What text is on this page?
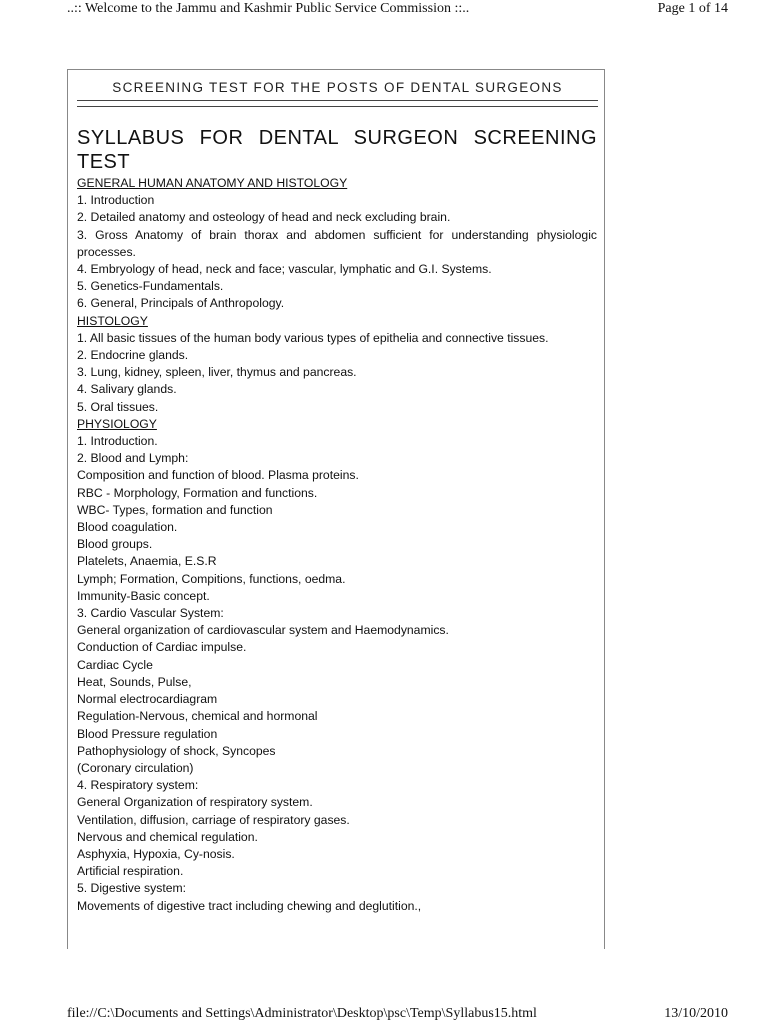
..:: Welcome to the Jammu and Kashmir Public Service Commission ::..	Page 1 of 14
SCREENING TEST FOR THE POSTS OF DENTAL SURGEONS
SYLLABUS FOR DENTAL SURGEON SCREENING TEST
GENERAL HUMAN ANATOMY AND HISTOLOGY
1. Introduction
2. Detailed anatomy and osteology of head and neck excluding brain.
3. Gross Anatomy of brain thorax and abdomen sufficient for understanding physiologic processes.
4. Embryology of head, neck and face; vascular, lymphatic and G.I. Systems.
5. Genetics-Fundamentals.
6. General, Principals of Anthropology.
HISTOLOGY
1. All basic tissues of the human body various types of epithelia and connective tissues.
2. Endocrine glands.
3. Lung, kidney, spleen, liver, thymus and pancreas.
4. Salivary glands.
5. Oral tissues.
PHYSIOLOGY
1. Introduction.
2. Blood and Lymph:
Composition and function of blood. Plasma proteins.
RBC - Morphology, Formation and functions.
WBC- Types, formation and function
Blood coagulation.
Blood groups.
Platelets, Anaemia, E.S.R
Lymph; Formation, Compitions, functions, oedma.
Immunity-Basic concept.
3. Cardio Vascular System:
General organization of cardiovascular system and Haemodynamics.
Conduction of Cardiac impulse.
Cardiac Cycle
Heat, Sounds, Pulse,
Normal electrocardiagram
Regulation-Nervous, chemical and hormonal
Blood Pressure regulation
Pathophysiology of shock, Syncopes
(Coronary circulation)
4. Respiratory system:
General Organization of respiratory system.
Ventilation, diffusion, carriage of respiratory gases.
Nervous and chemical regulation.
Asphyxia, Hypoxia, Cy-nosis.
Artificial respiration.
5. Digestive system:
Movements of digestive tract including chewing and deglutition.,
file://C:\Documents and Settings\Administrator\Desktop\psc\Temp\Syllabus15.html	13/10/2010
